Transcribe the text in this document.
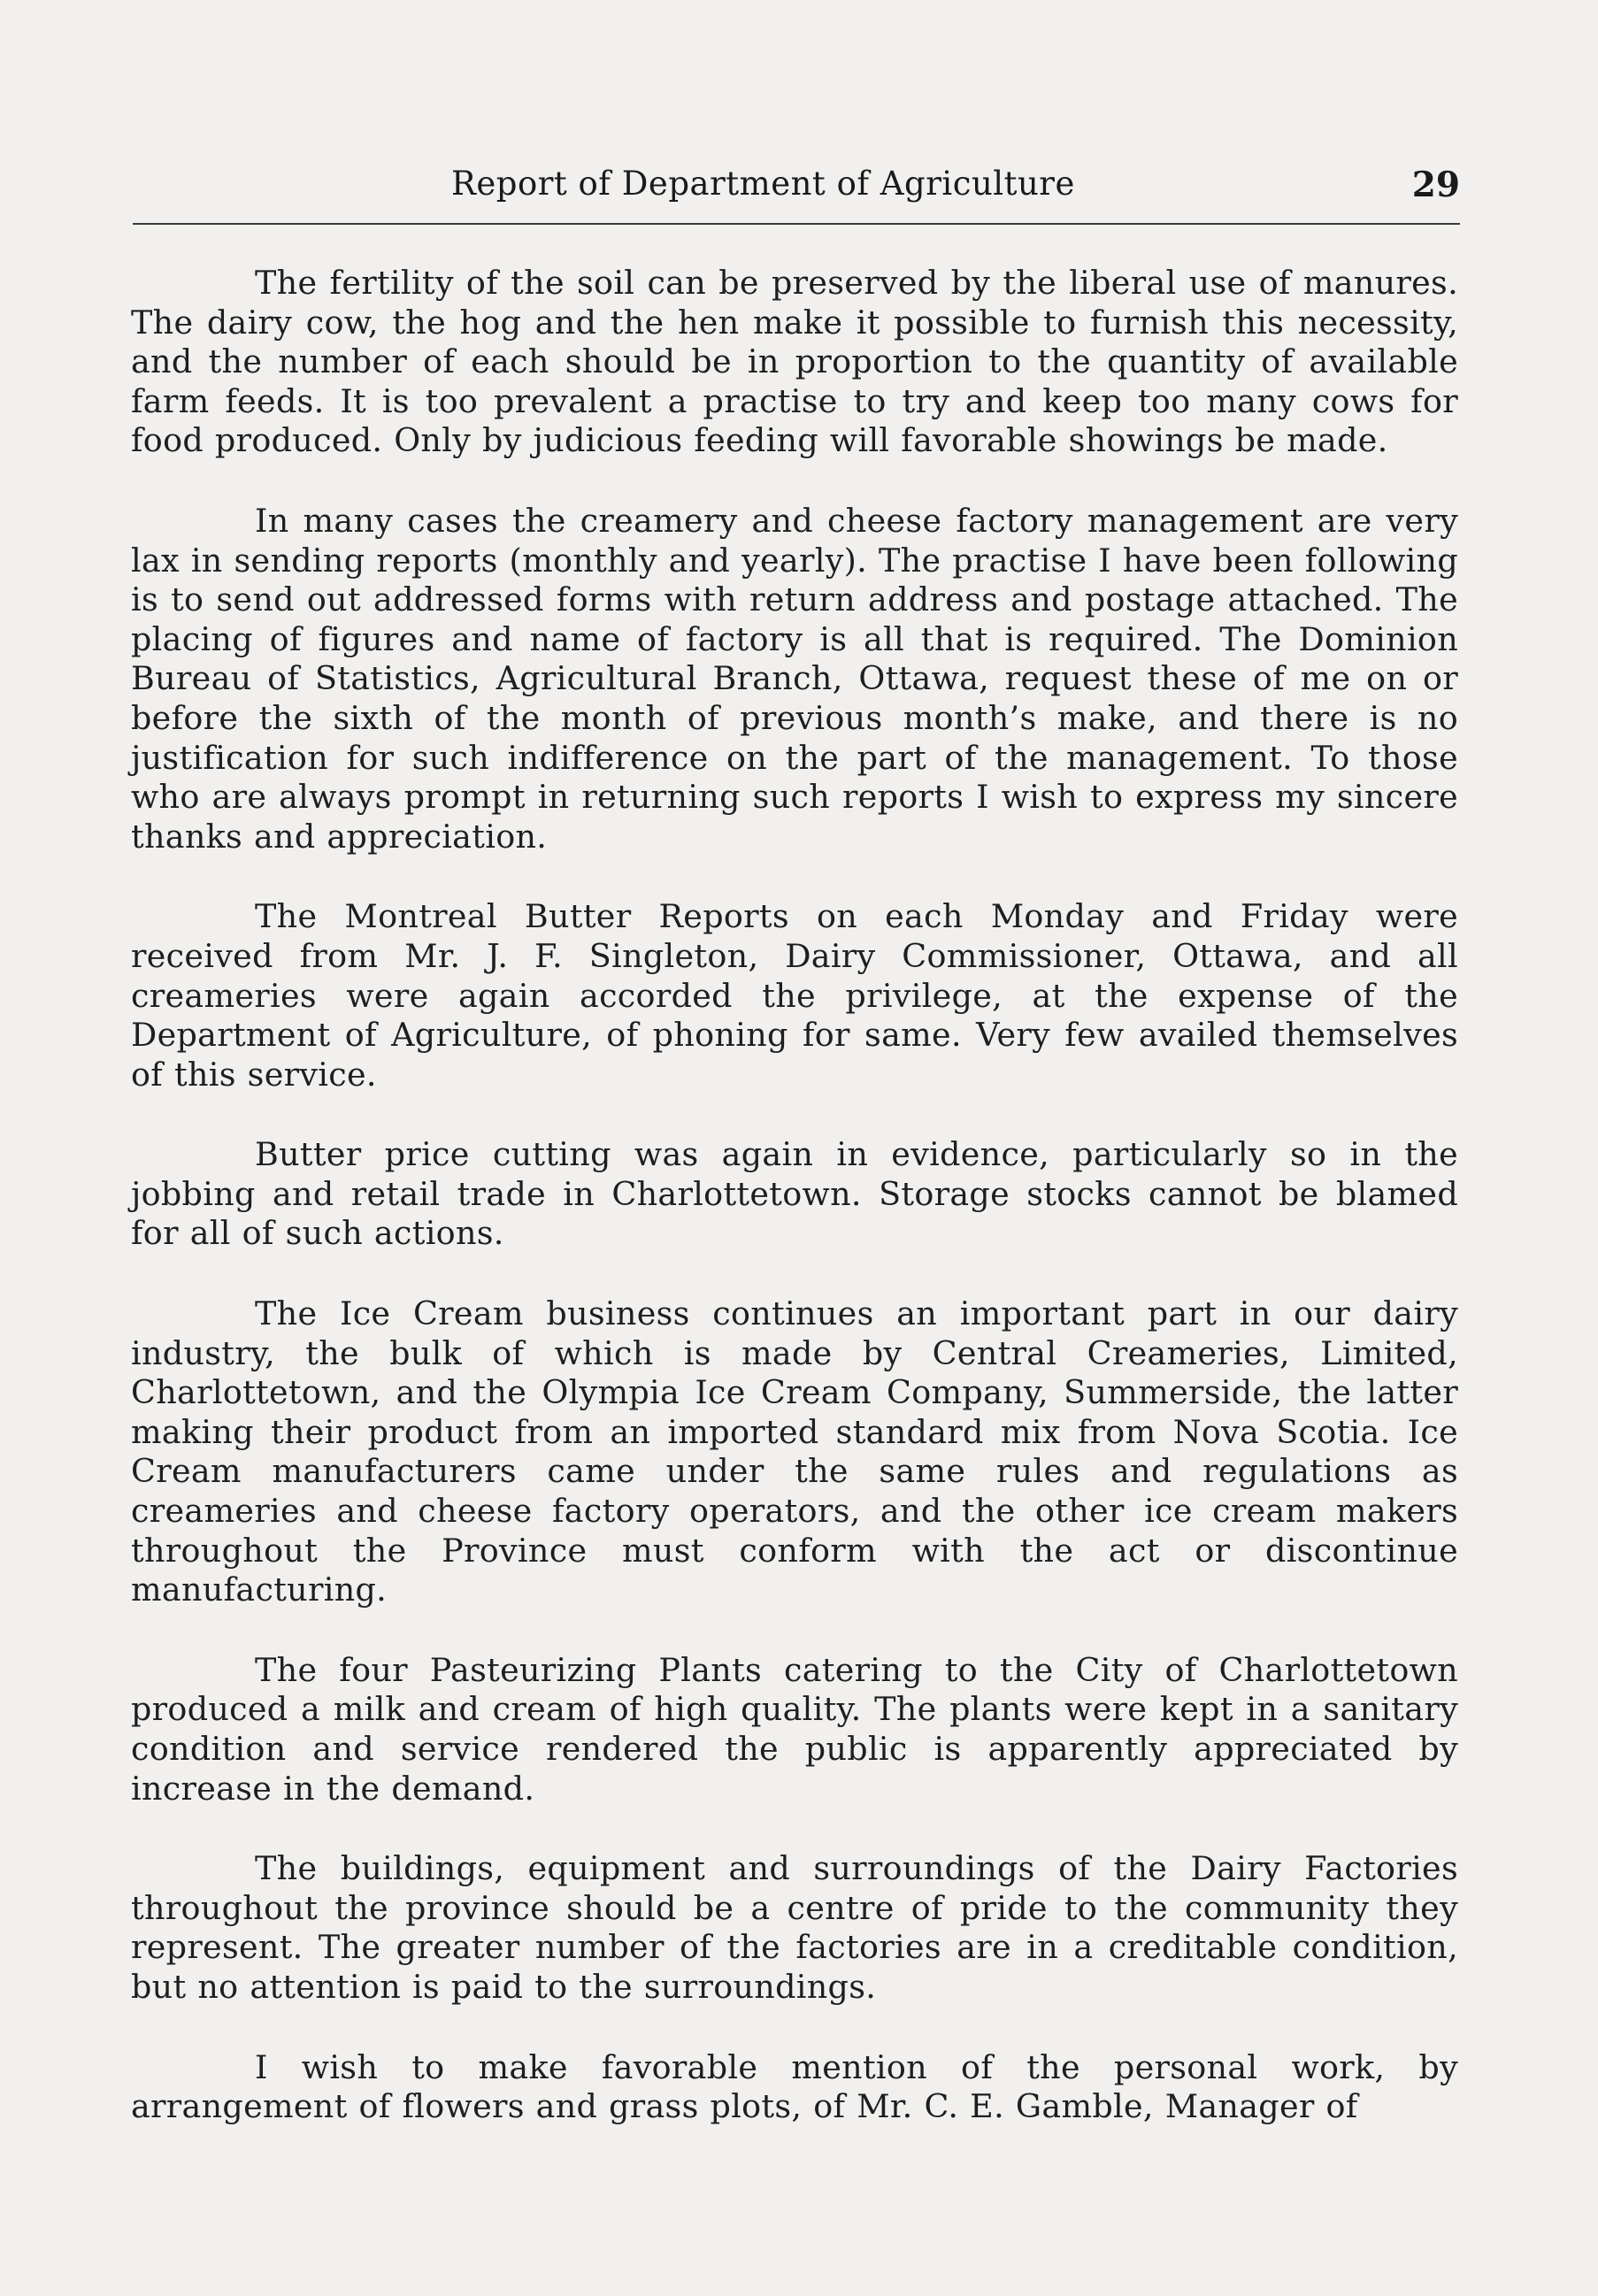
Report of Department of Agriculture	29

The fertility of the soil can be preserved by the liberal use of manures. The dairy cow, the hog and the hen make it possible to furnish this necessity, and the number of each should be in proportion to the quantity of available farm feeds. It is too prevalent a practise to try and keep too many cows for food produced. Only by judicious feeding will favorable showings be made.

In many cases the creamery and cheese factory management are very lax in sending reports (monthly and yearly). The practise I have been following is to send out addressed forms with return address and postage attached. The placing of figures and name of factory is all that is required. The Dominion Bureau of Statistics, Agricultural Branch, Ottawa, request these of me on or before the sixth of the month of previous month’s make, and there is no justification for such indifference on the part of the management. To those who are always prompt in returning such reports I wish to express my sincere thanks and appreciation.

The Montreal Butter Reports on each Monday and Friday were received from Mr. J. F. Singleton, Dairy Commissioner, Ottawa, and all creameries were again accorded the privilege, at the expense of the Department of Agriculture, of phoning for same. Very few availed themselves of this service.

Butter price cutting was again in evidence, particularly so in the jobbing and retail trade in Charlottetown. Storage stocks cannot be blamed for all of such actions.

The Ice Cream business continues an important part in our dairy industry, the bulk of which is made by Central Creameries, Limited, Charlottetown, and the Olympia Ice Cream Company, Summerside, the latter making their product from an imported standard mix from Nova Scotia. Ice Cream manufacturers came under the same rules and regulations as creameries and cheese factory operators, and the other ice cream makers throughout the Province must conform with the act or discontinue manufacturing.

The four Pasteurizing Plants catering to the City of Charlottetown produced a milk and cream of high quality. The plants were kept in a sanitary condition and service rendered the public is apparently appreciated by increase in the demand.

The buildings, equipment and surroundings of the Dairy Factories throughout the province should be a centre of pride to the community they represent. The greater number of the factories are in a creditable condition, but no attention is paid to the surroundings.

I wish to make favorable mention of the personal work, by arrangement of flowers and grass plots, of Mr. C. E. Gamble, Manager of
